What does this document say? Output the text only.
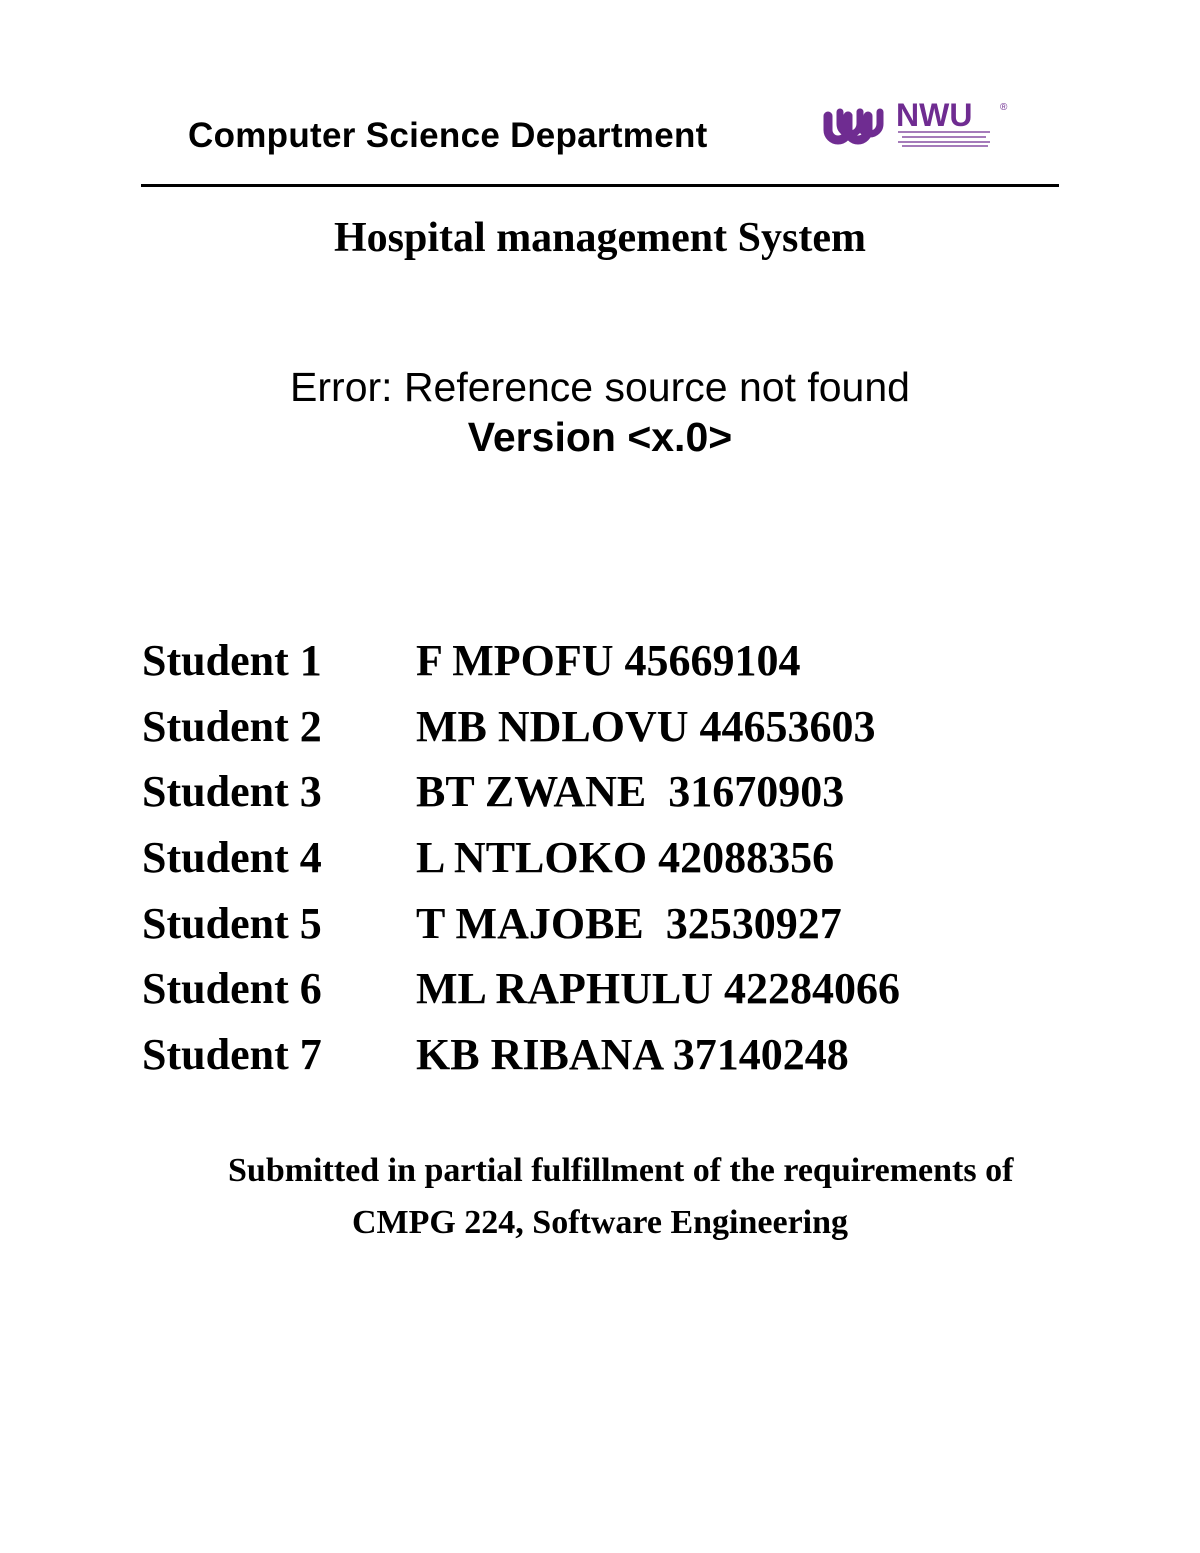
Computer Science Department
NWU	®
Hospital management System
Error: Reference source not found
Version <x.0>
Student 1	F MPOFU 45669104
Student 2	MB NDLOVU 44653603
Student 3	BT ZWANE  31670903
Student 4	L NTLOKO 42088356
Student 5	T MAJOBE  32530927
Student 6	ML RAPHULU 42284066
Student 7	KB RIBANA 37140248
Submitted in partial fulfillment of the requirements of
CMPG 224, Software Engineering
